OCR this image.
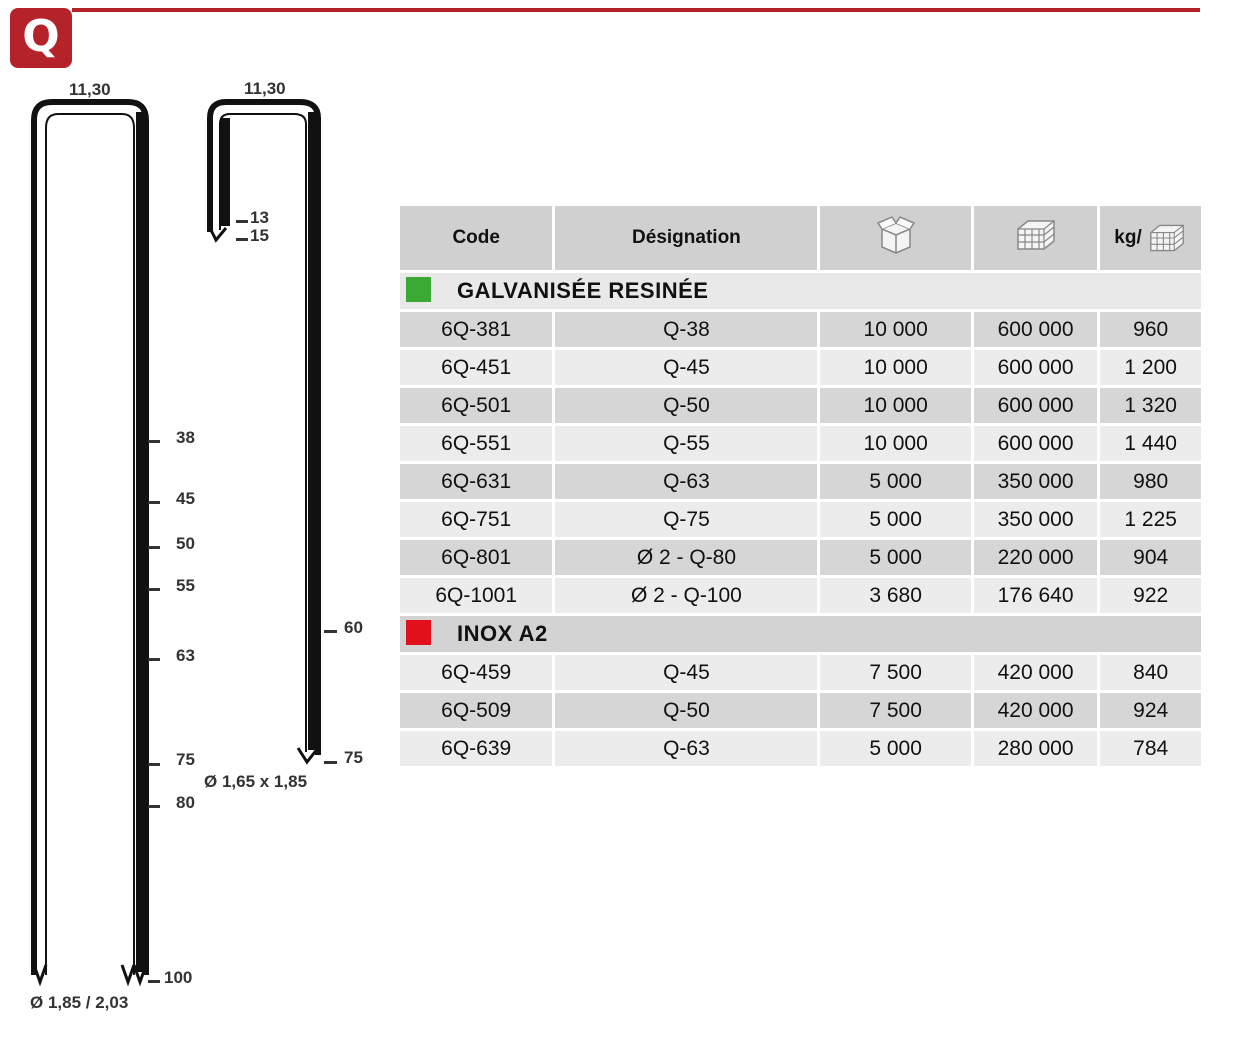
Q
11,30
Ø 1,85 / 2,03
38
45
50
55
63
75
80
100
11,30
Ø 1,65 x 1,85
13
15
60
75
Code	Désignation			kg/
GALVANISÉE RESINÉE				
6Q-381	Q-38	10 000	600 000	960
6Q-451	Q-45	10 000	600 000	1 200
6Q-501	Q-50	10 000	600 000	1 320
6Q-551	Q-55	10 000	600 000	1 440
6Q-631	Q-63	5 000	350 000	980
6Q-751	Q-75	5 000	350 000	1 225
6Q-801	Ø 2 - Q-80	5 000	220 000	904
6Q-1001	Ø 2 - Q-100	3 680	176 640	922
INOX A2				
6Q-459	Q-45	7 500	420 000	840
6Q-509	Q-50	7 500	420 000	924
6Q-639	Q-63	5 000	280 000	784
